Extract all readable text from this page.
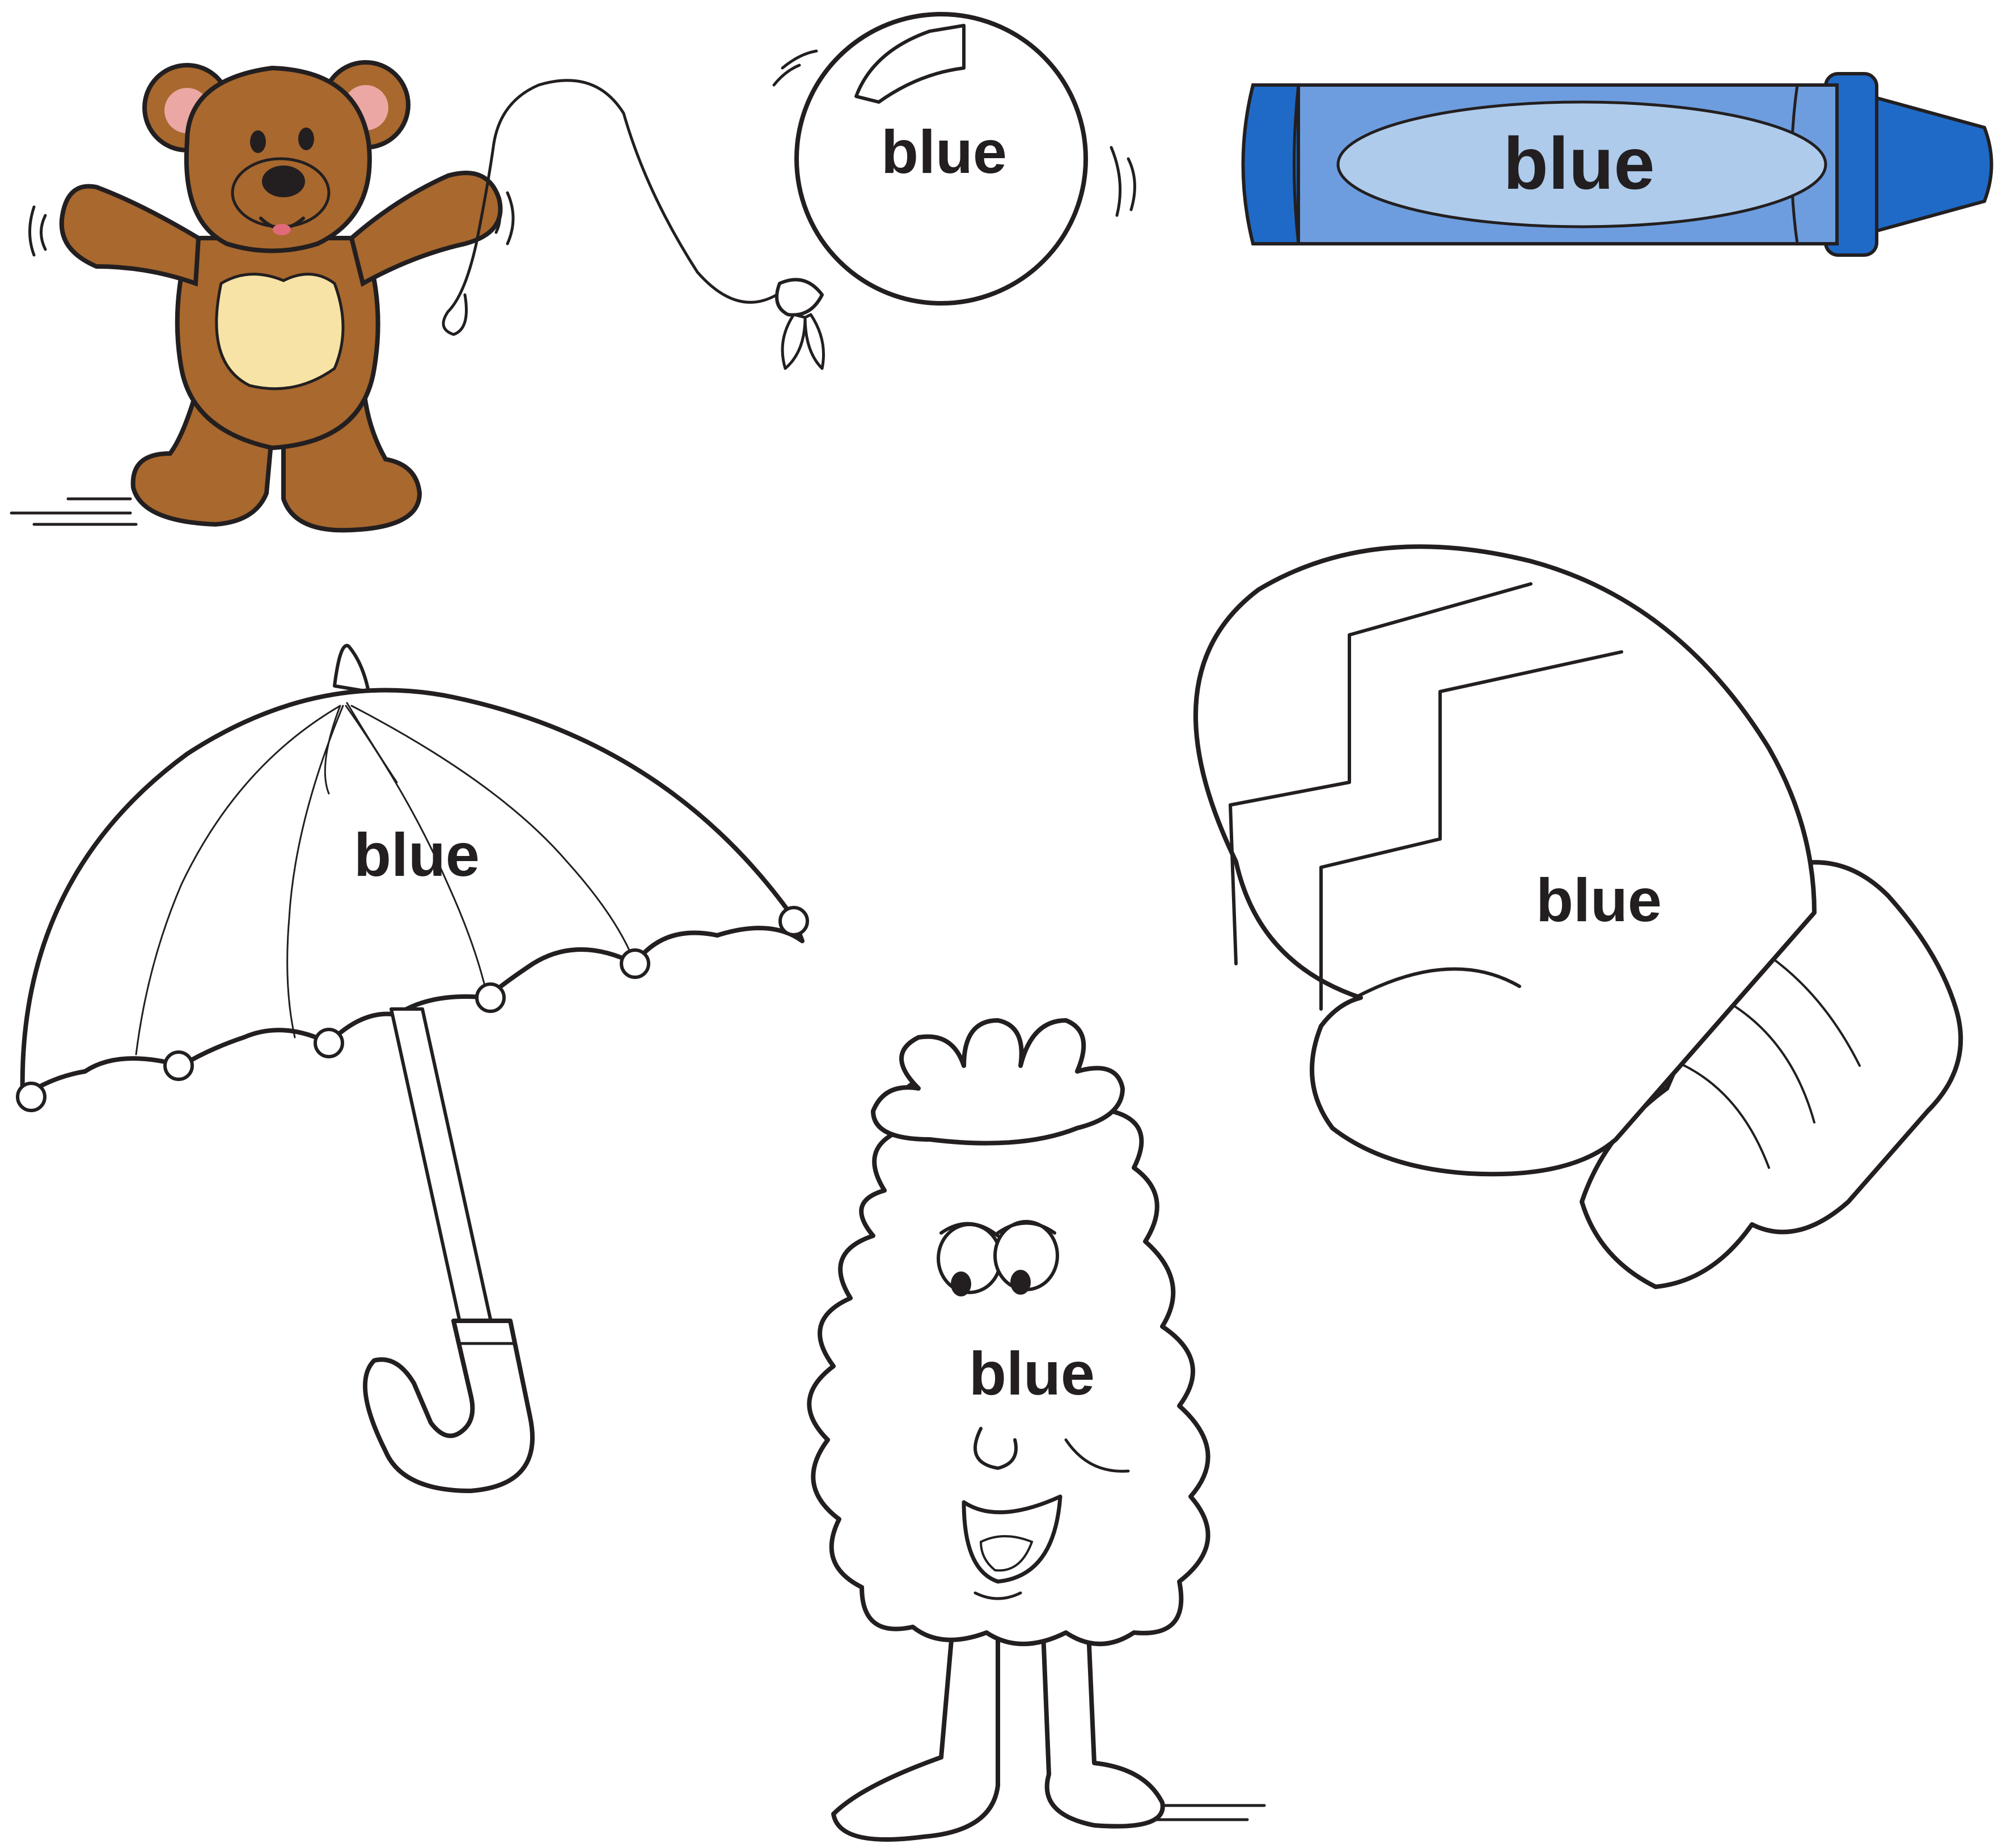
blue	blue
blue
blue
blue
